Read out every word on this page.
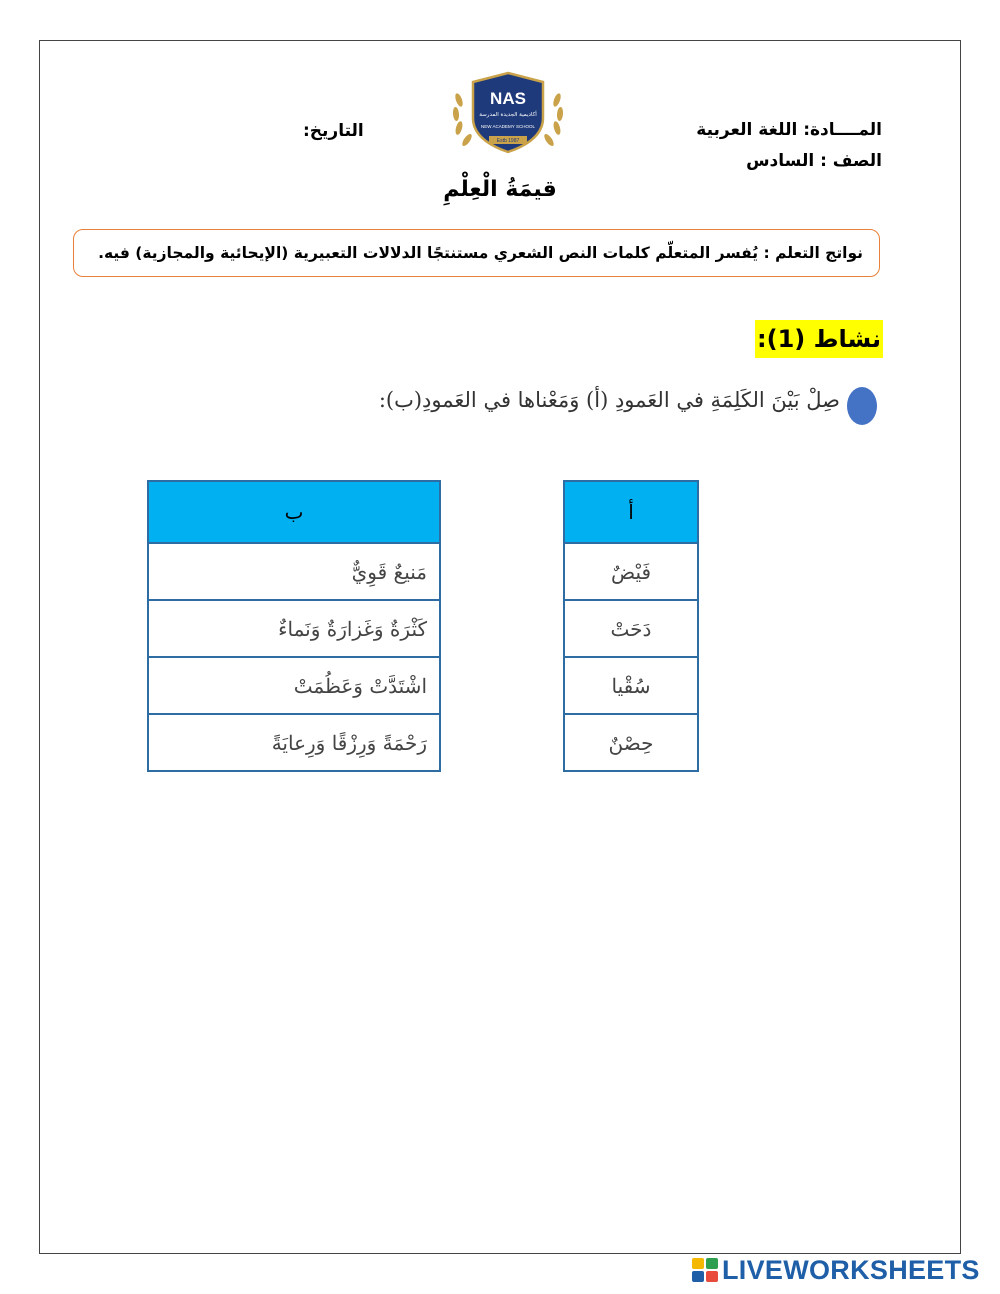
المــــادة: اللغة العربية
الصف : السادس
التاريخ:
NAS
أكاديمية الجديدة المدرسة
NEW ACADEMY SCHOOL
Estb 1987
قيمَةُ الْعِلْمِ
نواتج التعلم : يُفسر المتعلّم كلمات النص الشعري مستنتجًا الدلالات التعبيرية (الإيحائية والمجازية) فيه.
نشاط (1):
صِلْ بَيْنَ الكَلِمَةِ في العَمودِ (أ) وَمَعْناها في العَمودِ(ب):
أ
فَيْضٌ
دَحَتْ
سُقْيا
حِصْنٌ
ب
مَنيعٌ قَوِيٌّ
كَثْرَةٌ وَغَزارَةٌ وَنَماءٌ
اشْتَدَّتْ وَعَظُمَتْ
رَحْمَةً وَرِزْقًا وَرِعايَةً
LIVEWORKSHEETS
